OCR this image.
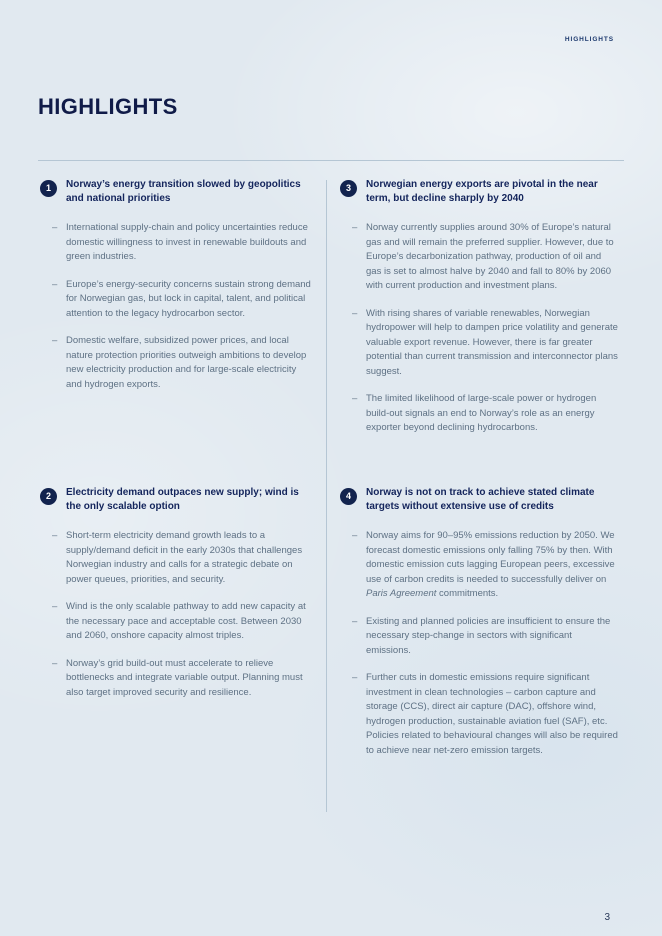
HIGHLIGHTS
HIGHLIGHTS
1	Norway’s energy transition slowed by geopolitics and national priorities
– International supply-chain and policy uncertainties reduce domestic willingness to invest in renewable buildouts and green industries.
– Europe’s energy-security concerns sustain strong demand for Norwegian gas, but lock in capital, talent, and political attention to the legacy hydrocarbon sector.
– Domestic welfare, subsidized power prices, and local nature protection priorities outweigh ambitions to develop new electricity production and for large-scale electricity and hydrogen exports.
2	Electricity demand outpaces new supply; wind is the only scalable option
– Short-term electricity demand growth leads to a supply/demand deficit in the early 2030s that challenges Norwegian industry and calls for a strategic debate on power queues, priorities, and security.
– Wind is the only scalable pathway to add new capacity at the necessary pace and acceptable cost. Between 2030 and 2060, onshore capacity almost triples.
– Norway’s grid build-out must accelerate to relieve bottlenecks and integrate variable output. Planning must also target improved security and resilience.
3	Norwegian energy exports are pivotal in the near term, but decline sharply by 2040
– Norway currently supplies around 30% of Europe’s natural gas and will remain the preferred supplier. However, due to Europe’s decarbonization pathway, production of oil and gas is set to almost halve by 2040 and fall to 80% by 2060 with current production and investment plans.
– With rising shares of variable renewables, Norwegian hydropower will help to dampen price volatility and generate valuable export revenue. However, there is far greater potential than current transmission and interconnector plans suggest.
– The limited likelihood of large-scale power or hydrogen build-out signals an end to Norway’s role as an energy exporter beyond declining hydrocarbons.
4	Norway is not on track to achieve stated climate targets without extensive use of credits
– Norway aims for 90–95% emissions reduction by 2050. We forecast domestic emissions only falling 75% by then. With domestic emission cuts lagging European peers, excessive use of carbon credits is needed to successfully deliver on Paris Agreement commitments.
– Existing and planned policies are insufficient to ensure the necessary step-change in sectors with significant emissions.
– Further cuts in domestic emissions require significant investment in clean technologies – carbon capture and storage (CCS), direct air capture (DAC), offshore wind, hydrogen production, sustainable aviation fuel (SAF), etc. Policies related to behavioural changes will also be required to achieve near net-zero emission targets.
3
